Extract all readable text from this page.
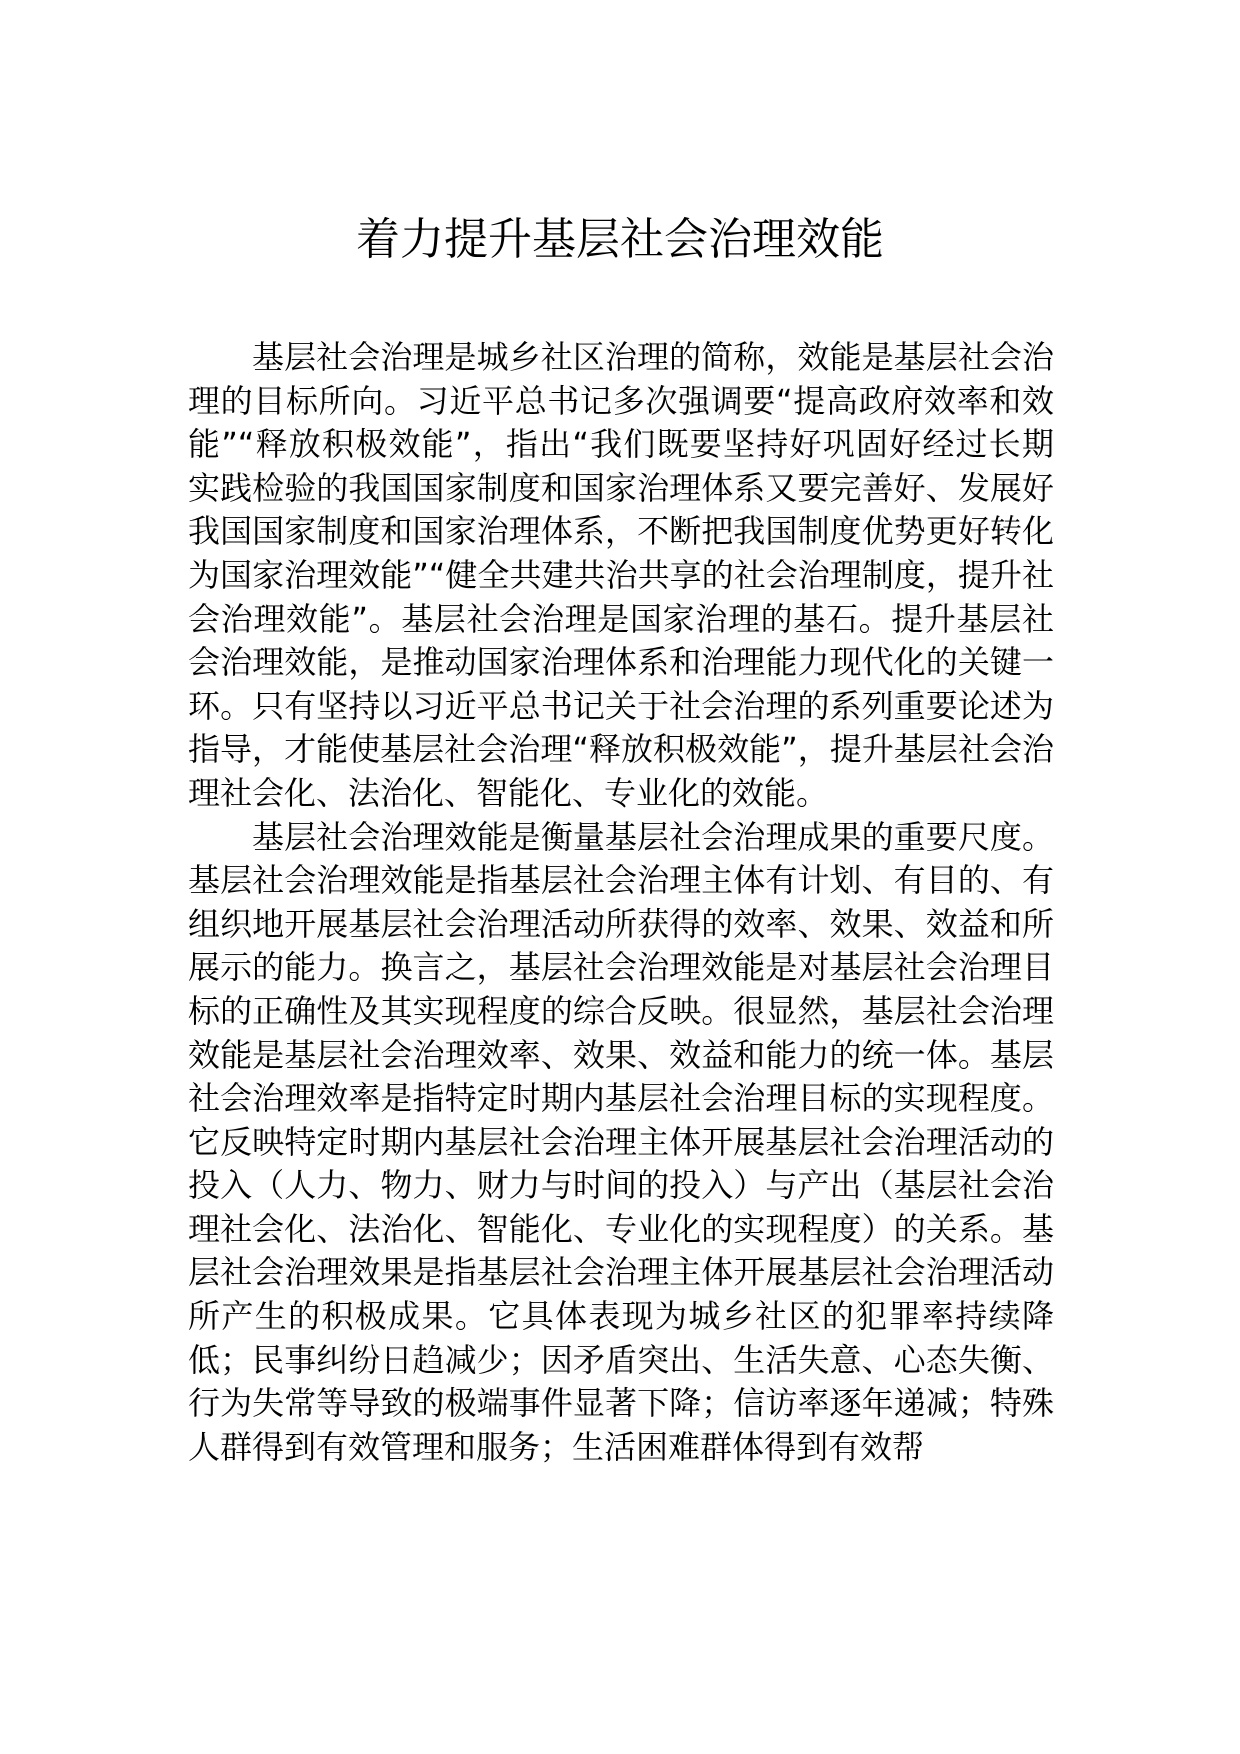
着力提升基层社会治理效能

基层社会治理是城乡社区治理的简称，效能是基层社会治理的目标所向。习近平总书记多次强调要“提高政府效率和效能”“释放积极效能”，指出“我们既要坚持好巩固好经过长期实践检验的我国国家制度和国家治理体系又要完善好、发展好我国国家制度和国家治理体系，不断把我国制度优势更好转化为国家治理效能”“健全共建共治共享的社会治理制度，提升社会治理效能”。基层社会治理是国家治理的基石。提升基层社会治理效能，是推动国家治理体系和治理能力现代化的关键一环。只有坚持以习近平总书记关于社会治理的系列重要论述为指导，才能使基层社会治理“释放积极效能”，提升基层社会治理社会化、法治化、智能化、专业化的效能。

基层社会治理效能是衡量基层社会治理成果的重要尺度。基层社会治理效能是指基层社会治理主体有计划、有目的、有组织地开展基层社会治理活动所获得的效率、效果、效益和所展示的能力。换言之，基层社会治理效能是对基层社会治理目标的正确性及其实现程度的综合反映。很显然，基层社会治理效能是基层社会治理效率、效果、效益和能力的统一体。基层社会治理效率是指特定时期内基层社会治理目标的实现程度。它反映特定时期内基层社会治理主体开展基层社会治理活动的投入（人力、物力、财力与时间的投入）与产出（基层社会治理社会化、法治化、智能化、专业化的实现程度）的关系。基层社会治理效果是指基层社会治理主体开展基层社会治理活动所产生的积极成果。它具体表现为城乡社区的犯罪率持续降低；民事纠纷日趋减少；因矛盾突出、生活失意、心态失衡、行为失常等导致的极端事件显著下降；信访率逐年递减；特殊人群得到有效管理和服务；生活困难群体得到有效帮
